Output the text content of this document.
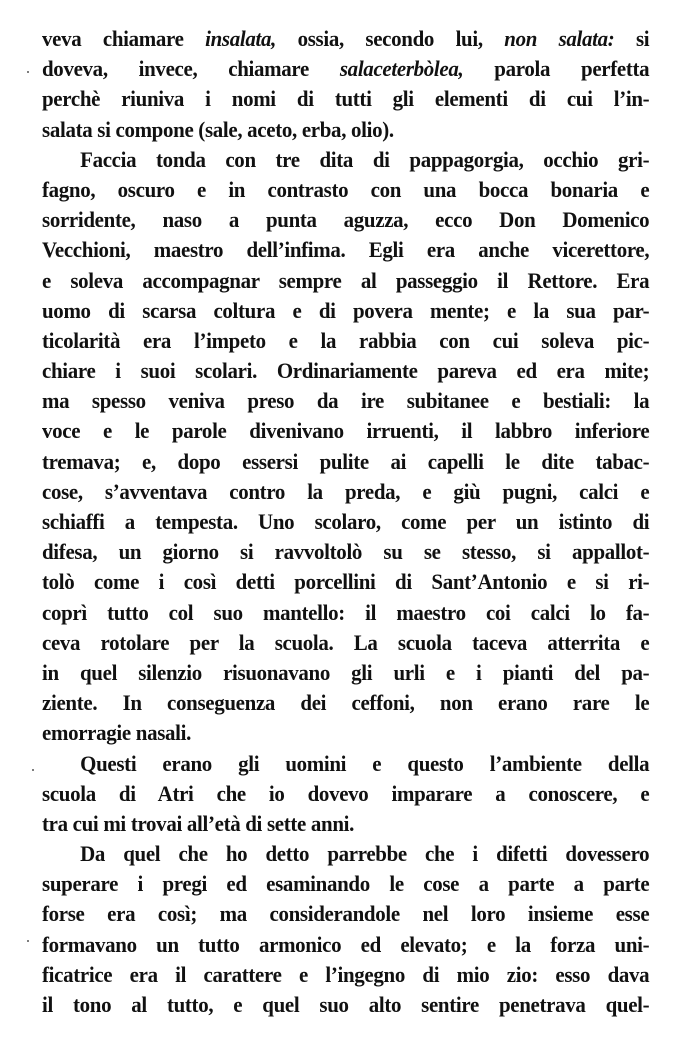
veva chiamare insalata, ossia, secondo lui, non salata: si
doveva, invece, chiamare salaceterbòlea, parola perfetta
perchè riuniva i nomi di tutti gli elementi di cui l’in-
salata si compone (sale, aceto, erba, olio).
Faccia tonda con tre dita di pappagorgia, occhio gri-
fagno, oscuro e in contrasto con una bocca bonaria e
sorridente, naso a punta aguzza, ecco Don Domenico
Vecchioni, maestro dell’infima. Egli era anche vicerettore,
e soleva accompagnar sempre al passeggio il Rettore. Era
uomo di scarsa coltura e di povera mente; e la sua par-
ticolarità era l’impeto e la rabbia con cui soleva pic-
chiare i suoi scolari. Ordinariamente pareva ed era mite;
ma spesso veniva preso da ire subitanee e bestiali: la
voce e le parole divenivano irruenti, il labbro inferiore
tremava; e, dopo essersi pulite ai capelli le dite tabac-
cose, s’avventava contro la preda, e giù pugni, calci e
schiaffi a tempesta. Uno scolaro, come per un istinto di
difesa, un giorno si ravvoltolò su se stesso, si appallot-
tolò come i così detti porcellini di Sant’Antonio e si ri-
coprì tutto col suo mantello: il maestro coi calci lo fa-
ceva rotolare per la scuola. La scuola taceva atterrita e
in quel silenzio risuonavano gli urli e i pianti del pa-
ziente. In conseguenza dei ceffoni, non erano rare le
emorragie nasali.
Questi erano gli uomini e questo l’ambiente della
scuola di Atri che io dovevo imparare a conoscere, e
tra cui mi trovai all’età di sette anni.
Da quel che ho detto parrebbe che i difetti dovessero
superare i pregi ed esaminando le cose a parte a parte
forse era così; ma considerandole nel loro insieme esse
formavano un tutto armonico ed elevato; e la forza uni-
ficatrice era il carattere e l’ingegno di mio zio: esso dava
il tono al tutto, e quel suo alto sentire penetrava quel-
